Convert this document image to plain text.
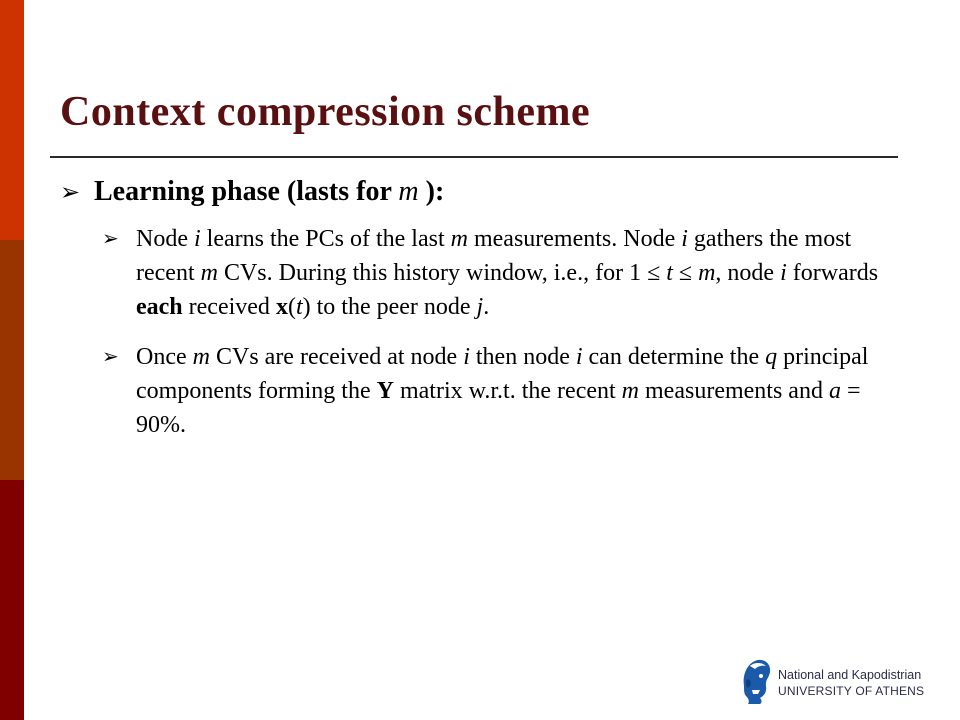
Context compression scheme
➢ Learning phase (lasts for m ):
➢ Node i learns the PCs of the last m measurements. Node i gathers the most recent m CVs. During this history window, i.e., for 1 ≤ t ≤ m, node i forwards each received x(t) to the peer node j.
➢ Once m CVs are received at node i then node i can determine the q principal components forming the Y matrix w.r.t. the recent m measurements and a = 90%.
National and Kapodistrian
UNIVERSITY OF ATHENS
